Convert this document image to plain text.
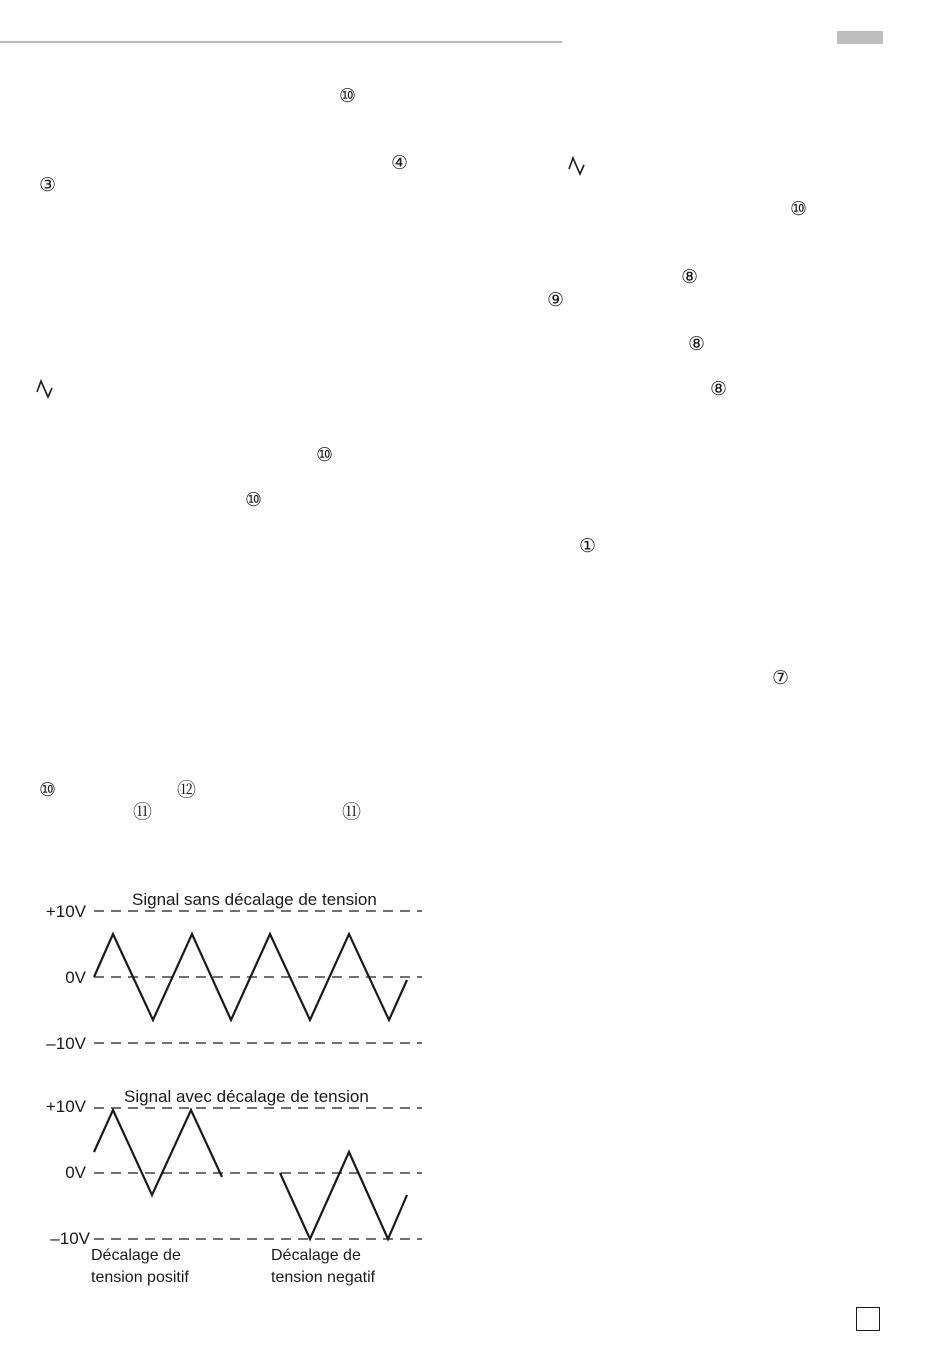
⑩
④
③
⑩
⑧
⑨
⑧
⑧
⑩
⑩
①
⑦
⑩	⑫
⑪	⑪
Signal sans décalage de tension
+10V
0V
–10V
Signal avec décalage de tension
+10V
0V
–10V
Décalage de
tension positif
Décalage de
tension negatif
